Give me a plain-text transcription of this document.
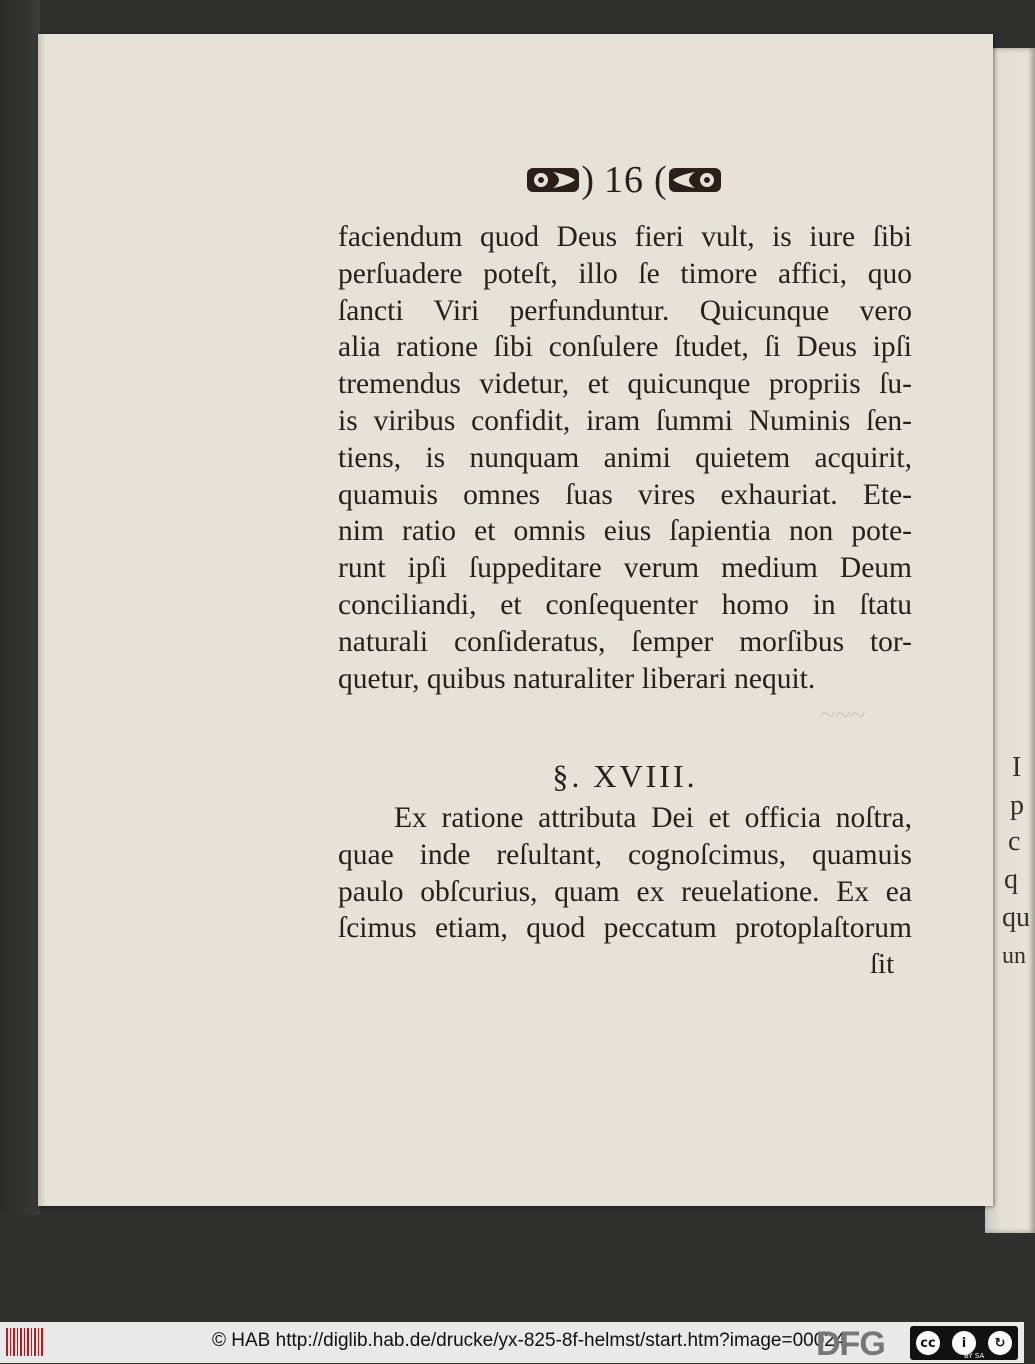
I
p
c
q
qu
un
~~~
) 16 (
faciendum quod Deus fieri vult, is iure ſibi
perſuadere poteſt, illo ſe timore affici, quo
ſancti Viri perfunduntur. Quicunque vero
alia ratione ſibi conſulere ſtudet, ſi Deus ipſi
tremendus videtur, et quicunque propriis ſu-
is viribus confidit, iram ſummi Numinis ſen-
tiens, is nunquam animi quietem acquirit,
quamuis omnes ſuas vires exhauriat. Ete-
nim ratio et omnis eius ſapientia non pote-
runt ipſi ſuppeditare verum medium Deum
conciliandi, et conſequenter homo in ſtatu
naturali conſideratus, ſemper morſibus tor-
quetur, quibus naturaliter liberari nequit.
§. XVIII.
Ex ratione attributa Dei et officia noſtra,
quae inde reſultant, cognoſcimus, quamuis
paulo obſcurius, quam ex reuelatione. Ex ea
ſcimus etiam, quod peccatum protoplaſtorum
ſit
© HAB http://diglib.hab.de/drucke/yx-825-8f-helmst/start.htm?image=00024
DFG	cc	i	↻
BY SA
